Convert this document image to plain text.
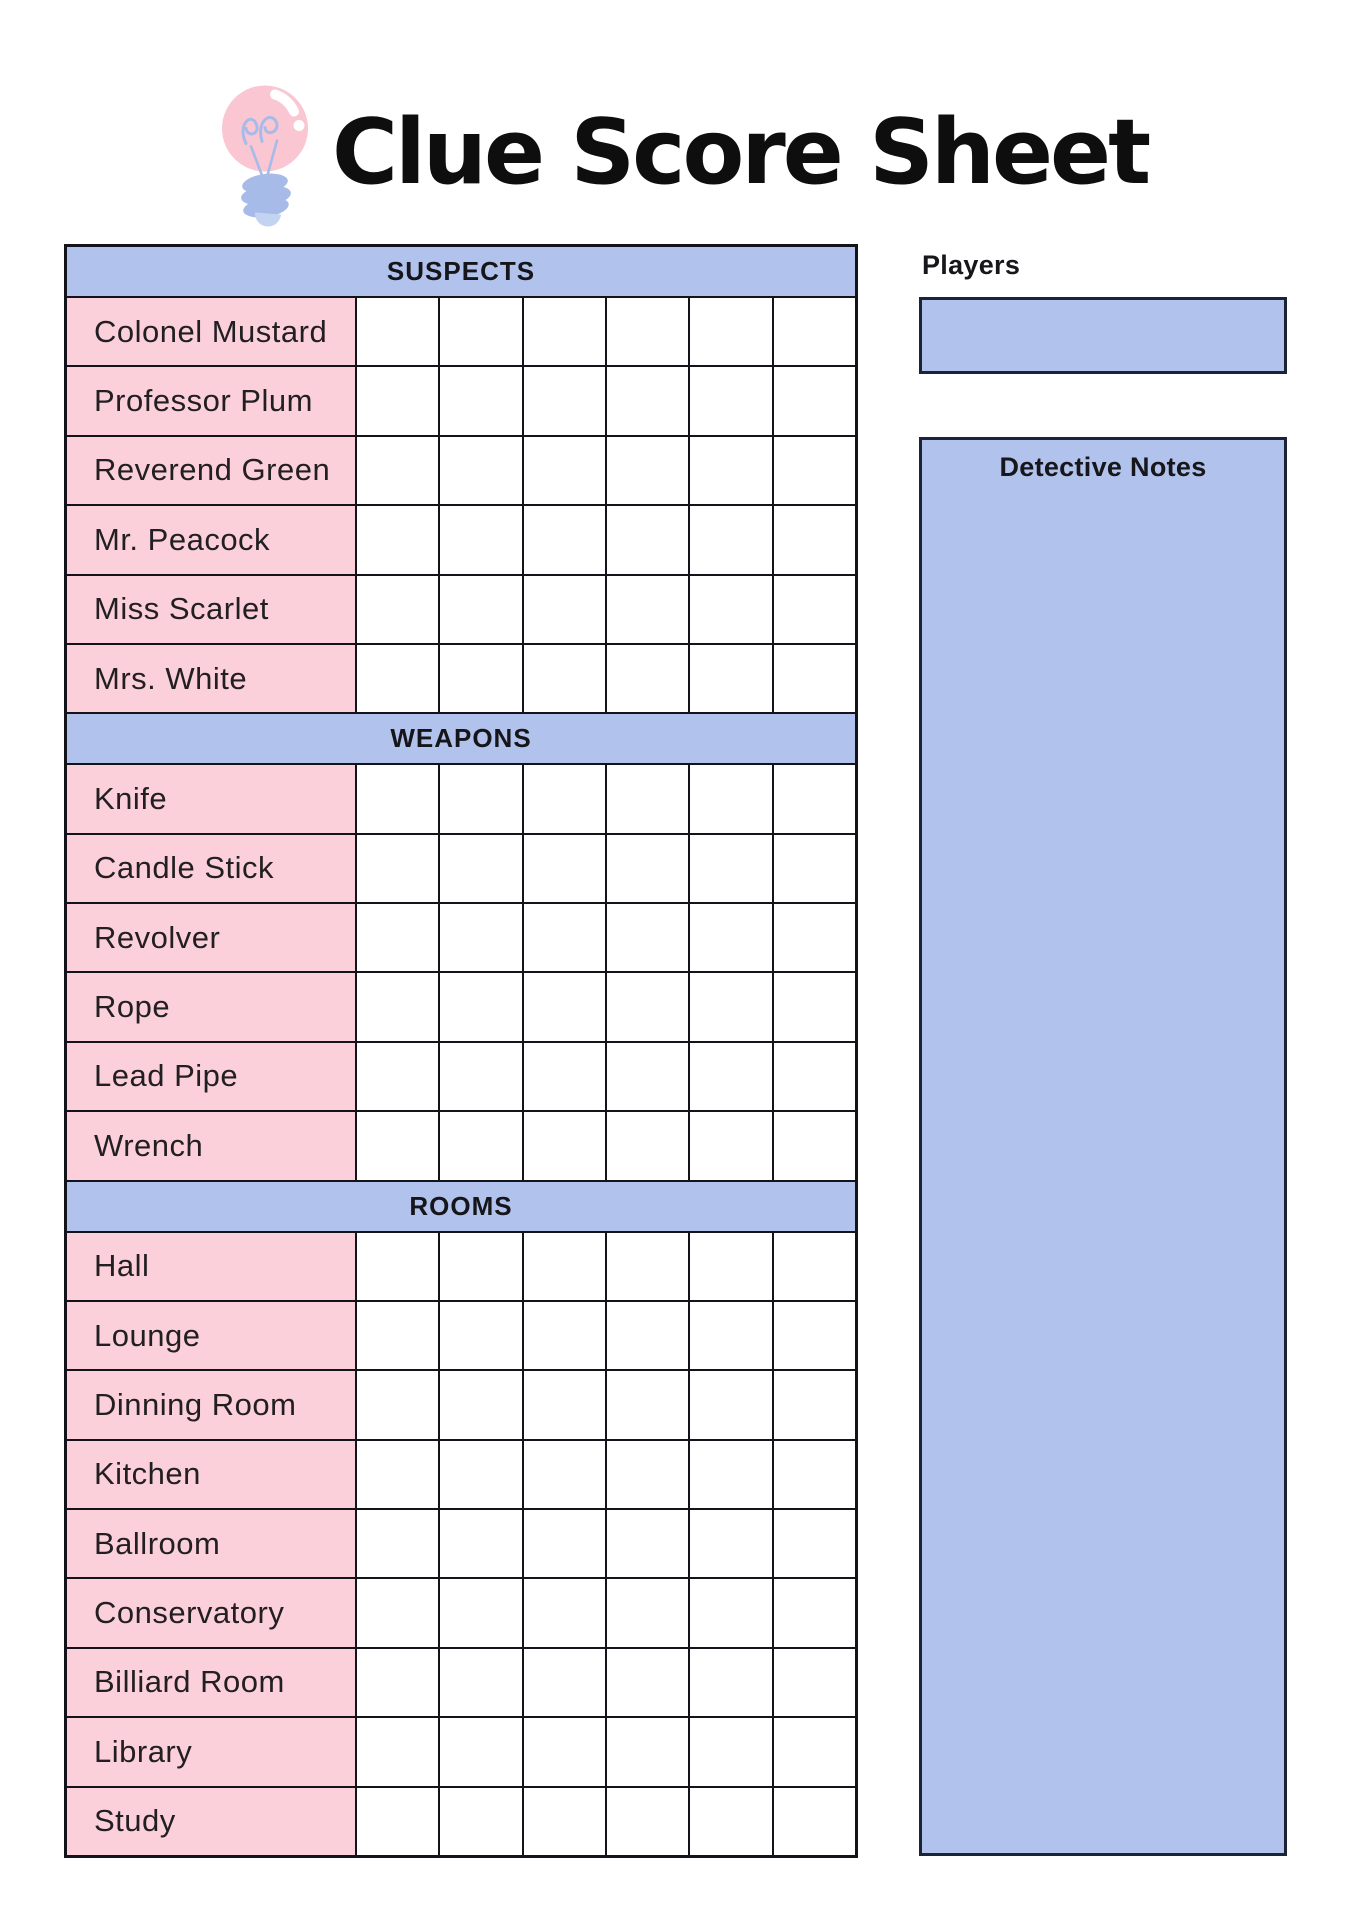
Clue Score Sheet
SUSPECTS
Colonel Mustard
Professor Plum
Reverend Green
Mr. Peacock
Miss Scarlet
Mrs. White
WEAPONS
Knife
Candle Stick
Revolver
Rope
Lead Pipe
Wrench
ROOMS
Hall
Lounge
Dinning Room
Kitchen
Ballroom
Conservatory
Billiard Room
Library
Study
Players
Detective Notes
